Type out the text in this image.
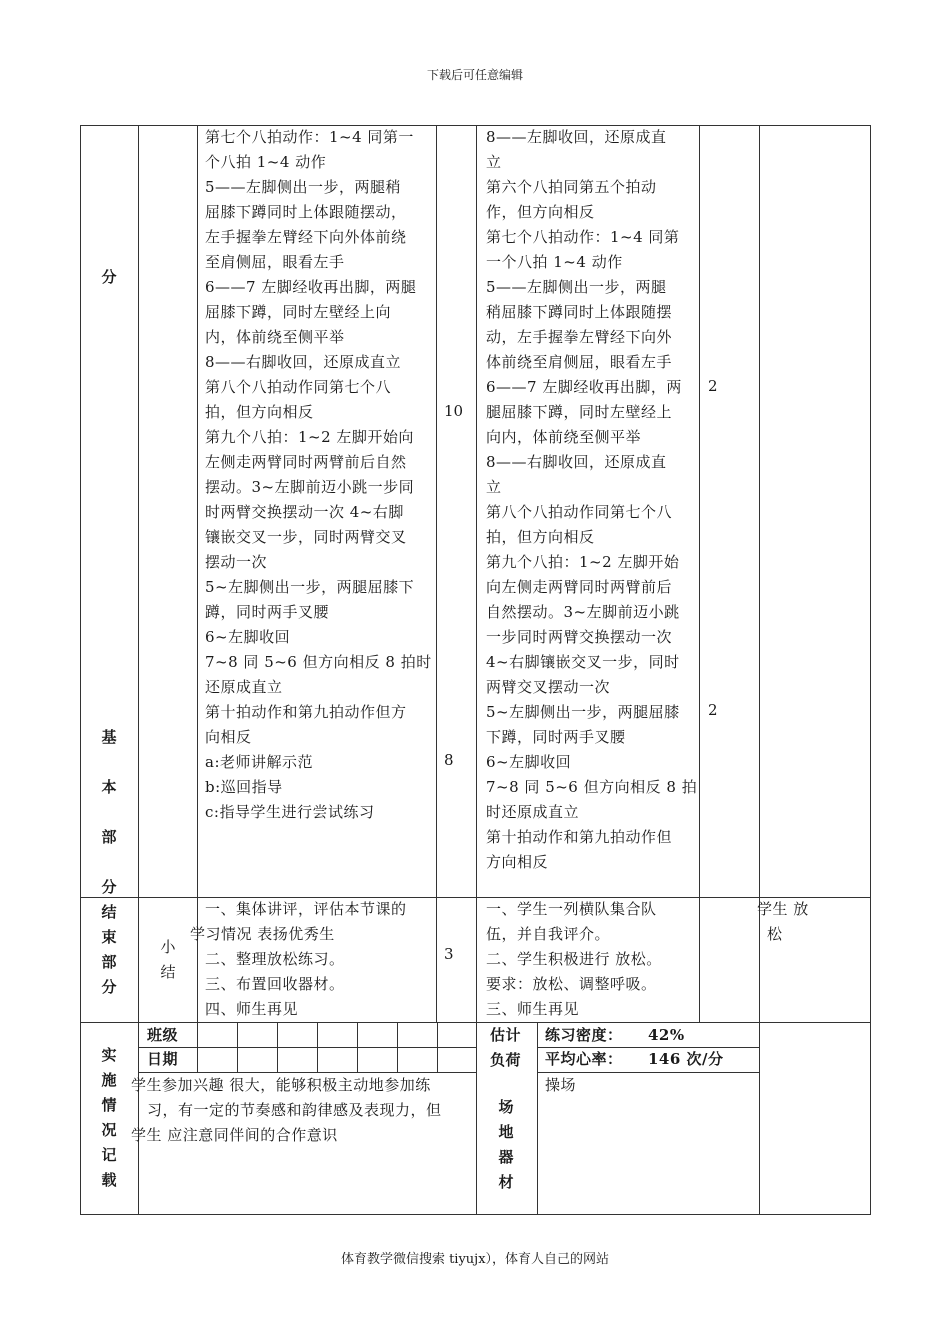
下载后可任意编辑
体育教学微信搜索 tiyujx），体育人自己的网站
分
基
本
部
分
结
束
部
分
小
结
实
施
情
况
记
载
第七个八拍动作：1~4 同第一
个八拍 1~4 动作
5——左脚侧出一步，两腿稍
屈膝下蹲同时上体跟随摆动，
左手握拳左臂经下向外体前绕
至肩侧屈，眼看左手
6——7 左脚经收再出脚，两腿
屈膝下蹲，同时左壁经上向
内，体前绕至侧平举
8——右脚收回，还原成直立
第八个八拍动作同第七个八
拍，但方向相反
第九个八拍：1~2 左脚开始向
左侧走两臂同时两臂前后自然
摆动。3~左脚前迈小跳一步同
时两臂交换摆动一次 4~右脚
镶嵌交叉一步，同时两臂交叉
摆动一次
5~左脚侧出一步，两腿屈膝下
蹲，同时两手叉腰
6~左脚收回
7~8 同 5~6 但方向相反 8 拍时
还原成直立
第十拍动作和第九拍动作但方
向相反
a:老师讲解示范
b:巡回指导
c:指导学生进行尝试练习
10
8
3
8——左脚收回，还原成直
立
第六个八拍同第五个拍动
作，但方向相反
第七个八拍动作：1~4 同第
一个八拍 1~4 动作
5——左脚侧出一步，两腿
稍屈膝下蹲同时上体跟随摆
动，左手握拳左臂经下向外
体前绕至肩侧屈，眼看左手
6——7 左脚经收再出脚，两
腿屈膝下蹲，同时左壁经上
向内，体前绕至侧平举
8——右脚收回，还原成直
立
第八个八拍动作同第七个八
拍，但方向相反
第九个八拍：1~2 左脚开始
向左侧走两臂同时两臂前后
自然摆动。3~左脚前迈小跳
一步同时两臂交换摆动一次
4~右脚镶嵌交叉一步，同时
两臂交叉摆动一次
5~左脚侧出一步，两腿屈膝
下蹲，同时两手叉腰
6~左脚收回
7~8 同 5~6 但方向相反 8 拍
时还原成直立
第十拍动作和第九拍动作但
方向相反
2
2
一、集体讲评，评估本节课的
学习情况 表扬优秀生
二、整理放松练习。
三、布置回收器材。
四、师生再见
一、学生一列横队集合队
伍，并自我评介。
二、学生积极进行 放松。
要求：放松、调整呼吸。
三、师生再见
学生 放
松
班级
日期
估计
负荷
练习密度： 42%
平均心率： 146 次/分
学生参加兴趣 很大，能够积极主动地参加练
习，有一定的节奏感和韵律感及表现力，但
学生 应注意同伴间的合作意识
场
地
器
材
操场
